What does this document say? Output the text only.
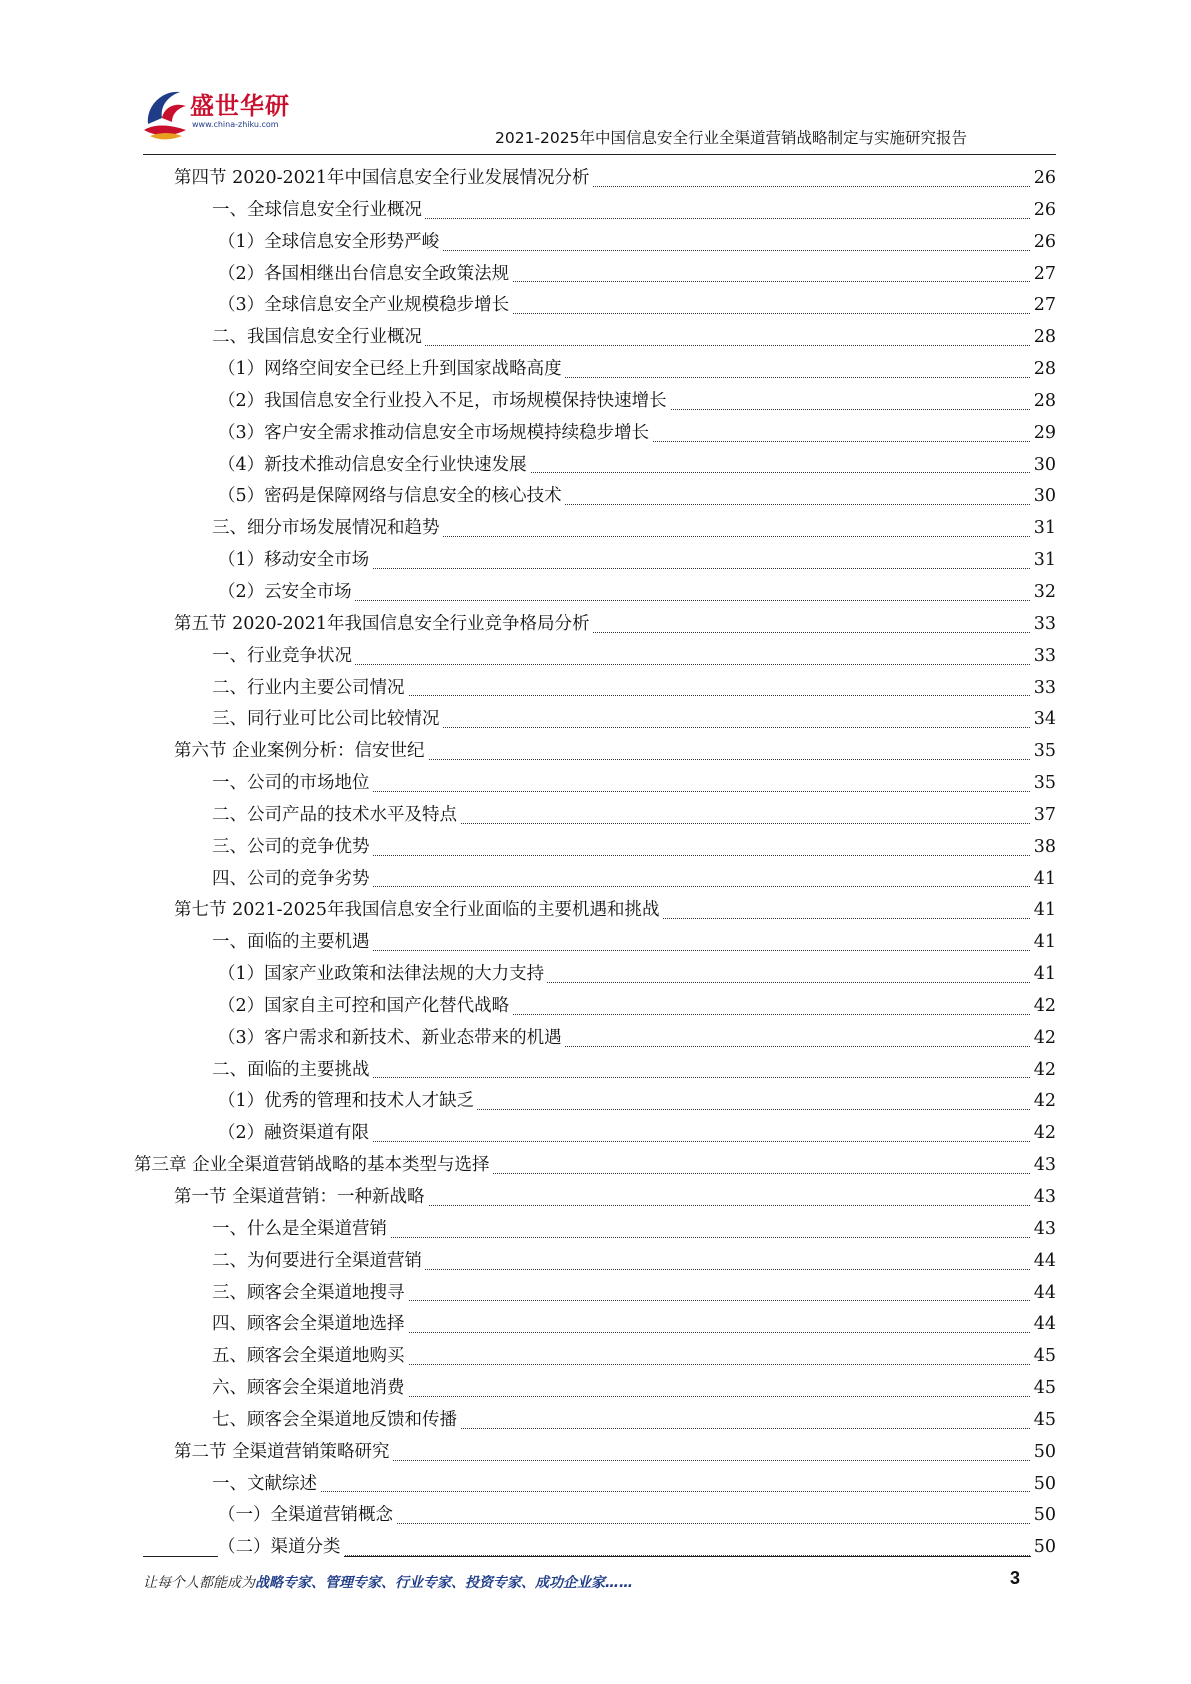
盛世华研
www.china-zhiku.com
2021-2025年中国信息安全行业全渠道营销战略制定与实施研究报告
第四节 2020-2021年中国信息安全行业发展情况分析	26
一、全球信息安全行业概况	26
（1）全球信息安全形势严峻	26
（2）各国相继出台信息安全政策法规	27
（3）全球信息安全产业规模稳步增长	27
二、我国信息安全行业概况	28
（1）网络空间安全已经上升到国家战略高度	28
（2）我国信息安全行业投入不足，市场规模保持快速增长	28
（3）客户安全需求推动信息安全市场规模持续稳步增长	29
（4）新技术推动信息安全行业快速发展	30
（5）密码是保障网络与信息安全的核心技术	30
三、细分市场发展情况和趋势	31
（1）移动安全市场	31
（2）云安全市场	32
第五节 2020-2021年我国信息安全行业竞争格局分析	33
一、行业竞争状况	33
二、行业内主要公司情况	33
三、同行业可比公司比较情况	34
第六节 企业案例分析：信安世纪	35
一、公司的市场地位	35
二、公司产品的技术水平及特点	37
三、公司的竞争优势	38
四、公司的竞争劣势	41
第七节 2021-2025年我国信息安全行业面临的主要机遇和挑战	41
一、面临的主要机遇	41
（1）国家产业政策和法律法规的大力支持	41
（2）国家自主可控和国产化替代战略	42
（3）客户需求和新技术、新业态带来的机遇	42
二、面临的主要挑战	42
（1）优秀的管理和技术人才缺乏	42
（2）融资渠道有限	42
第三章 企业全渠道营销战略的基本类型与选择	43
第一节 全渠道营销：一种新战略	43
一、什么是全渠道营销	43
二、为何要进行全渠道营销	44
三、顾客会全渠道地搜寻	44
四、顾客会全渠道地选择	44
五、顾客会全渠道地购买	45
六、顾客会全渠道地消费	45
七、顾客会全渠道地反馈和传播	45
第二节 全渠道营销策略研究	50
一、文献综述	50
（一）全渠道营销概念	50
（二）渠道分类	50
让每个人都能成为战略专家、管理专家、行业专家、投资专家、成功企业家……	3
